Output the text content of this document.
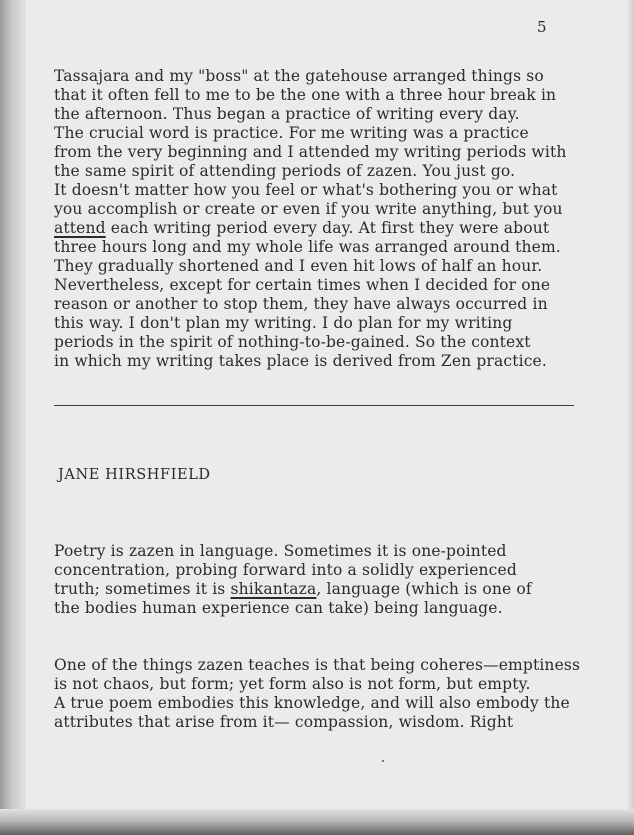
5
Tassajara and my "boss" at the gatehouse arranged things so
that it often fell to me to be the one with a three hour break in
the afternoon. Thus began a practice of writing every day.
The crucial word is practice. For me writing was a practice
from the very beginning and I attended my writing periods with
the same spirit of attending periods of zazen. You just go.
It doesn't matter how you feel or what's bothering you or what
you accomplish or create or even if you write anything, but you
attend each writing period every day. At first they were about
three hours long and my whole life was arranged around them.
They gradually shortened and I even hit lows of half an hour.
Nevertheless, except for certain times when I decided for one
reason or another to stop them, they have always occurred in
this way. I don't plan my writing. I do plan for my writing
periods in the spirit of nothing-to-be-gained. So the context
in which my writing takes place is derived from Zen practice.
JANE HIRSHFIELD
Poetry is zazen in language. Sometimes it is one-pointed
concentration, probing forward into a solidly experienced
truth; sometimes it is shikantaza, language (which is one of
the bodies human experience can take) being language.
One of the things zazen teaches is that being coheres—emptiness
is not chaos, but form; yet form also is not form, but empty.
A true poem embodies this knowledge, and will also embody the
attributes that arise from it— compassion, wisdom. Right
